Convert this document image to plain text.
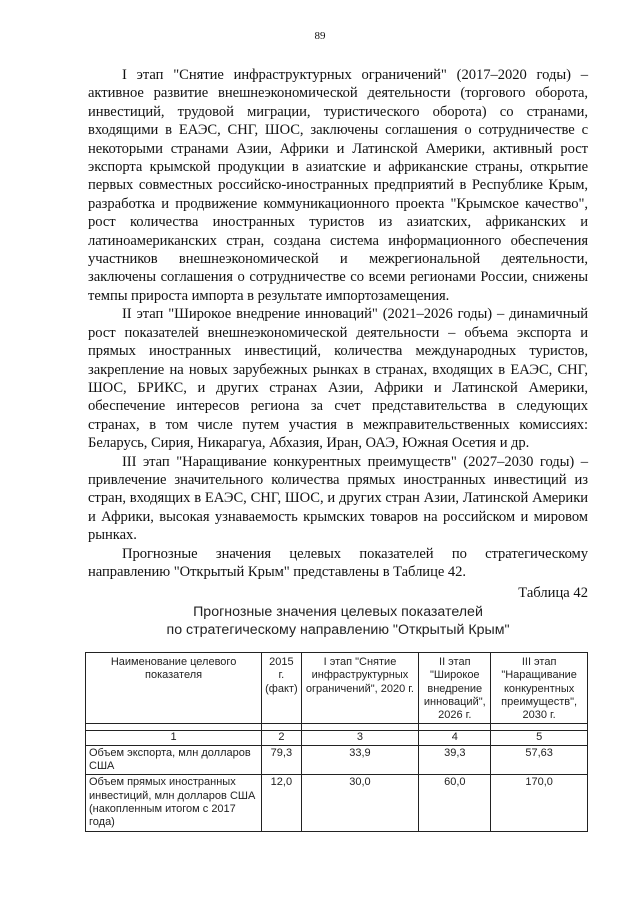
89

I этап "Снятие инфраструктурных ограничений" (2017–2020 годы) – активное развитие внешнеэкономической деятельности (торгового оборота, инвестиций, трудовой миграции, туристического оборота) со странами, входящими в ЕАЭС, СНГ, ШОС, заключены соглашения о сотрудничестве с некоторыми странами Азии, Африки и Латинской Америки, активный рост экспорта крымской продукции в азиатские и африканские страны, открытие первых совместных российско-иностранных предприятий в Республике Крым, разработка и продвижение коммуникационного проекта "Крымское качество", рост количества иностранных туристов из азиатских, африканских и латиноамериканских стран, создана система информационного обеспечения участников внешнеэкономической и межрегиональной деятельности, заключены соглашения о сотрудничестве со всеми регионами России, снижены темпы прироста импорта в результате импортозамещения.

II этап "Широкое внедрение инноваций" (2021–2026 годы) – динамичный рост показателей внешнеэкономической деятельности – объема экспорта и прямых иностранных инвестиций, количества международных туристов, закрепление на новых зарубежных рынках в странах, входящих в ЕАЭС, СНГ, ШОС, БРИКС, и других странах Азии, Африки и Латинской Америки, обеспечение интересов региона за счет представительства в следующих странах, в том числе путем участия в межправительственных комиссиях: Беларусь, Сирия, Никарагуа, Абхазия, Иран, ОАЭ, Южная Осетия и др.

III этап "Наращивание конкурентных преимуществ" (2027–2030 годы) – привлечение значительного количества прямых иностранных инвестиций из стран, входящих в ЕАЭС, СНГ, ШОС, и других стран Азии, Латинской Америки и Африки, высокая узнаваемость крымских товаров на российском и мировом рынках.

Прогнозные значения целевых показателей по стратегическому направлению "Открытый Крым" представлены в Таблице 42.

Таблица 42
Прогнозные значения целевых показателей
по стратегическому направлению "Открытый Крым"
Наименование целевого показателя	2015 г. (факт)	I этап "Снятие инфраструктурных ограничений", 2020 г.	II этап "Широкое внедрение инноваций", 2026 г.	III этап "Наращивание конкурентных преимуществ", 2030 г.

1	2	3	4	5
Объем экспорта, млн долларов США	79,3	33,9	39,3	57,63
Объем прямых иностранных инвестиций, млн долларов США (накопленным итогом с 2017 года)	12,0	30,0	60,0	170,0
